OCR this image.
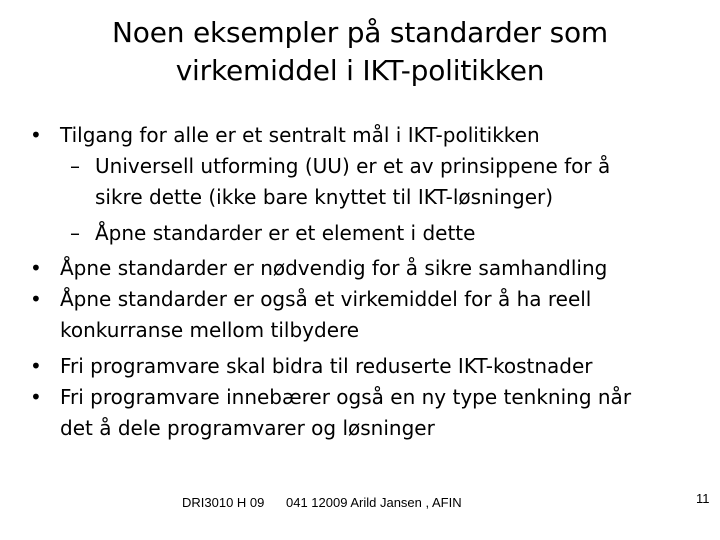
Noen eksempler på standarder som
virkemiddel i IKT-politikken
• Tilgang for alle er et sentralt mål i IKT-politikken
– Universell utforming (UU) er et av prinsippene for å
sikre dette (ikke bare knyttet til IKT-løsninger)
– Åpne standarder er et element i dette
• Åpne standarder er nødvendig for å sikre samhandling
• Åpne standarder er også et virkemiddel for å ha reell
konkurranse mellom tilbydere
• Fri programvare skal bidra til reduserte IKT-kostnader
• Fri programvare innebærer også en ny type tenkning når
det å dele programvarer og løsninger
DRI3010 H 09 041 12009 Arild Jansen , AFIN	11
